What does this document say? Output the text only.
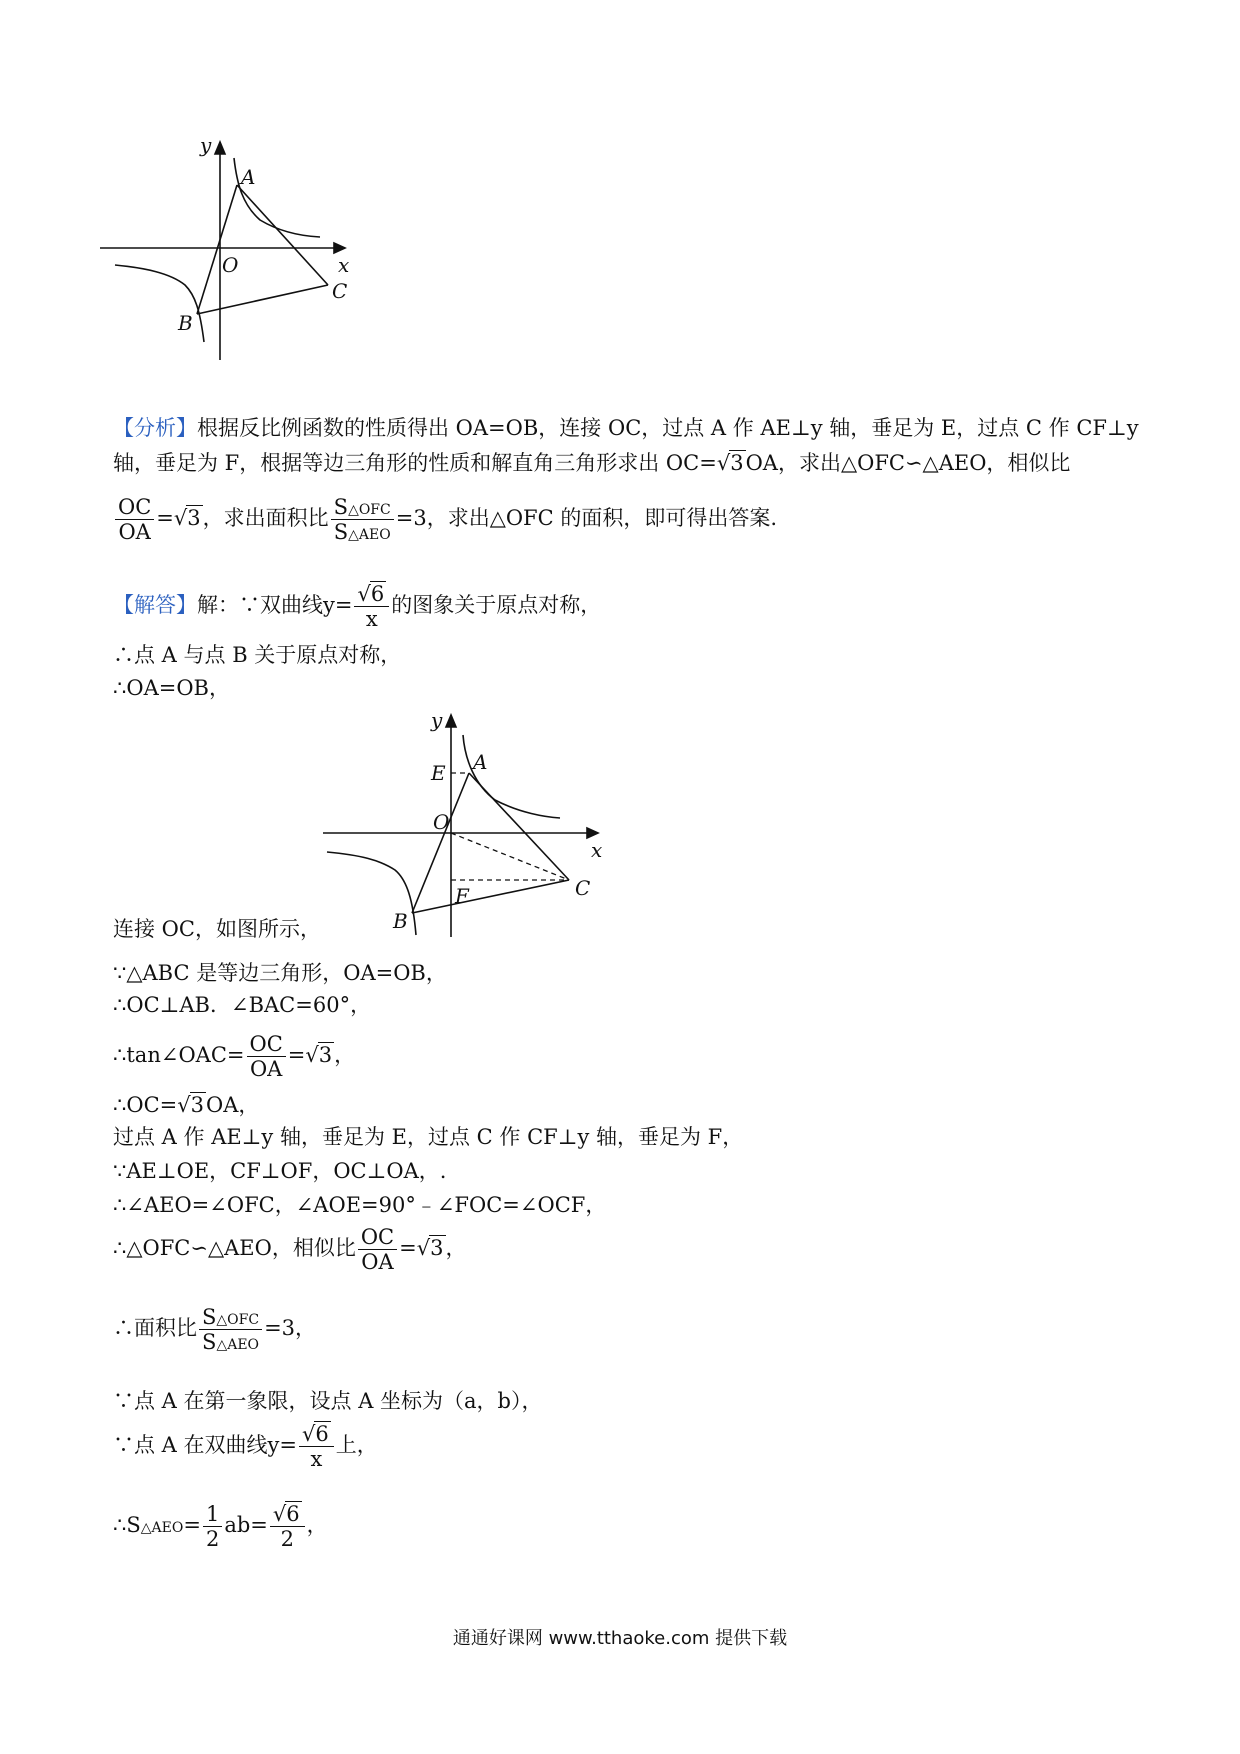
y
x
O
A
B
C
【分析】根据反比例函数的性质得出 OA=OB，连接 OC，过点 A 作 AE⊥y 轴，垂足为 E，过点 C 作 CF⊥y
轴，垂足为 F，根据等边三角形的性质和解直角三角形求出 OC=√3OA，求出△OFC∽△AEO，相似比
$\frac{OC}{OA} =√3$，求出面积比 $\frac{\text{S△OFC}}{\text{S△AEO}} =3$，求出△OFC 的面积，即可得出答案.
【解答】解：∵双曲线$y= \frac{√6}{x}$ 的图象关于原点对称，
∴点 A 与点 B 关于原点对称，
∴OA=OB，
y
x
O
A
E
F
B
C
连接 OC，如图所示，
∵△ABC 是等边三角形，OA=OB，
∴OC⊥AB．∠BAC=60°，
∴tan∠OAC= $\frac{OC}{OA} =√3$，
∴OC=√3OA，
过点 A 作 AE⊥y 轴，垂足为 E，过点 C 作 CF⊥y 轴，垂足为 F，
∵AE⊥OE，CF⊥OF，OC⊥OA，.
∴∠AEO=∠OFC，∠AOE=90°﹣∠FOC=∠OCF，
∴△OFC∽△AEO，相似比 $\frac{OC}{OA} =√3$，
∴面积比 $\frac{\text{S△OFC}}{\text{S△AEO}} =3$，
∵点 A 在第一象限，设点 A 坐标为（a，b），
∵点 A 在双曲线$y= \frac{√6}{x}$ 上，
∴S△AEO= $\frac{1}{2} ab= \frac{√6}{2}$ ，
通通好课网 www.tthaoke.com 提供下载
